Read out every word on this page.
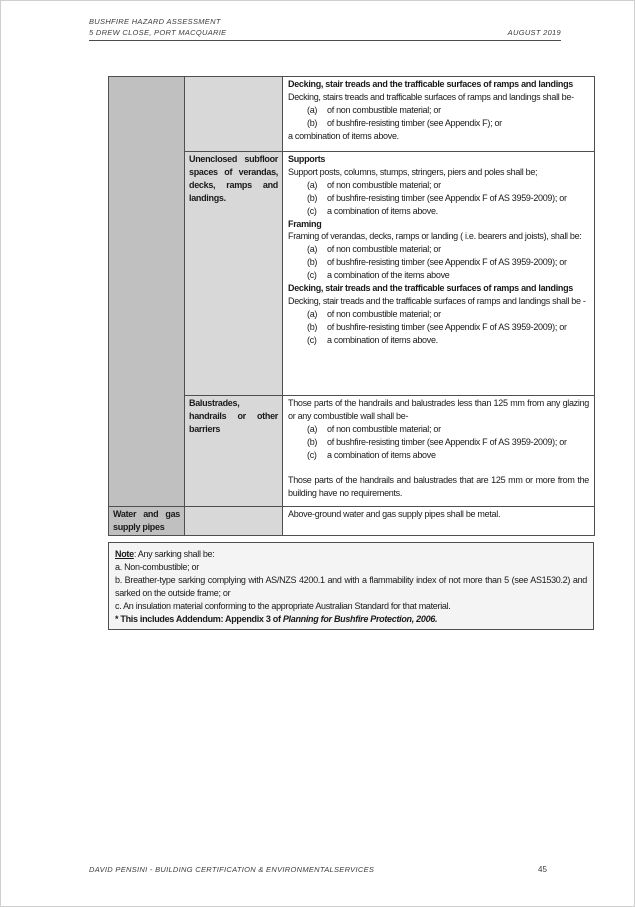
BUSHFIRE HAZARD ASSESSMENT
5 DREW CLOSE, PORT MACQUARIE	AUGUST 2019

Decking, stair treads and the trafficable surfaces of ramps and landings
Decking, stairs treads and trafficable surfaces of ramps and landings shall be-
(a) of non combustible material; or
(b) of bushfire-resisting timber (see Appendix F); or
a combination of items above.

Unenclosed subfloor spaces of verandas, decks, ramps and landings.	
Supports
Support posts, columns, stumps, stringers, piers and poles shall be;
(a) of non combustible material; or
(b) of bushfire-resisting timber (see Appendix F of AS 3959-2009); or
(c) a combination of items above.
Framing
Framing of verandas, decks, ramps or landing ( i.e. bearers and joists), shall be:
(a) of non combustible material; or
(b) of bushfire-resisting timber (see Appendix F of AS 3959-2009); or
(c) a combination of the items above
Decking, stair treads and the trafficable surfaces of ramps and landings
Decking, stair treads and the trafficable surfaces of ramps and landings shall be -
(a) of non combustible material; or
(b) of bushfire-resisting timber (see Appendix F of AS 3959-2009); or
(c) a combination of items above.

Balustrades, handrails or other barriers	
Those parts of the handrails and balustrades less than 125 mm from any glazing or any combustible wall shall be-
(a) of non combustible material; or
(b) of bushfire-resisting timber (see Appendix F of AS 3959-2009); or
(c) a combination of items above
Those parts of the handrails and balustrades that are 125 mm or more from the building have no requirements.

Water and gas supply pipes		Above-ground water and gas supply pipes shall be metal.
Note: Any sarking shall be:
a. Non-combustible; or
b. Breather-type sarking complying with AS/NZS 4200.1 and with a flammability index of not more than 5 (see AS1530.2) and sarked on the outside frame; or
c. An insulation material conforming to the appropriate Australian Standard for that material.
* This includes Addendum: Appendix 3 of Planning for Bushfire Protection, 2006.
DAVID PENSINI - BUILDING CERTIFICATION & ENVIRONMENTALSERVICES	45
